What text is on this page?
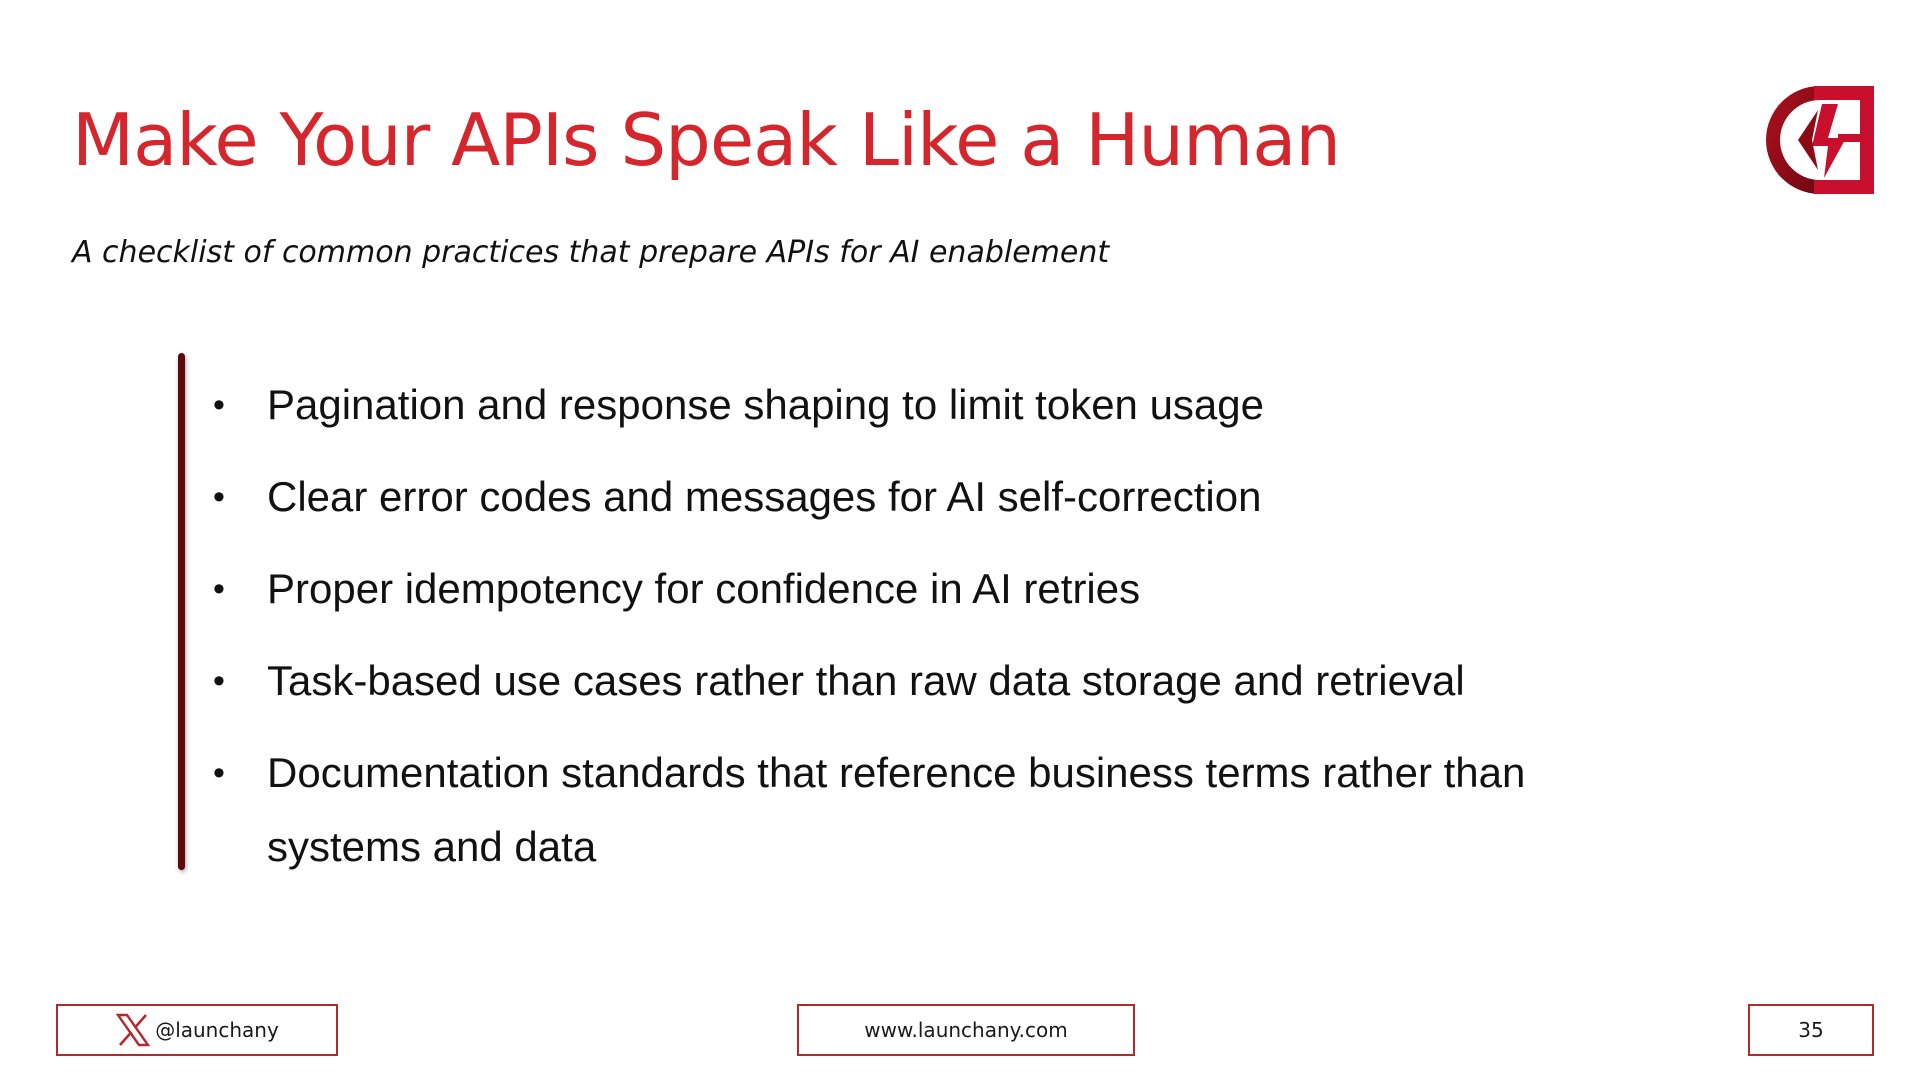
Make Your APIs Speak Like a Human

A checklist of common practices that prepare APIs for AI enablement

• Pagination and response shaping to limit token usage
• Clear error codes and messages for AI self-correction
• Proper idempotency for confidence in AI retries
• Task-based use cases rather than raw data storage and retrieval
• Documentation standards that reference business terms rather than systems and data
@launchany	www.launchany.com	35
